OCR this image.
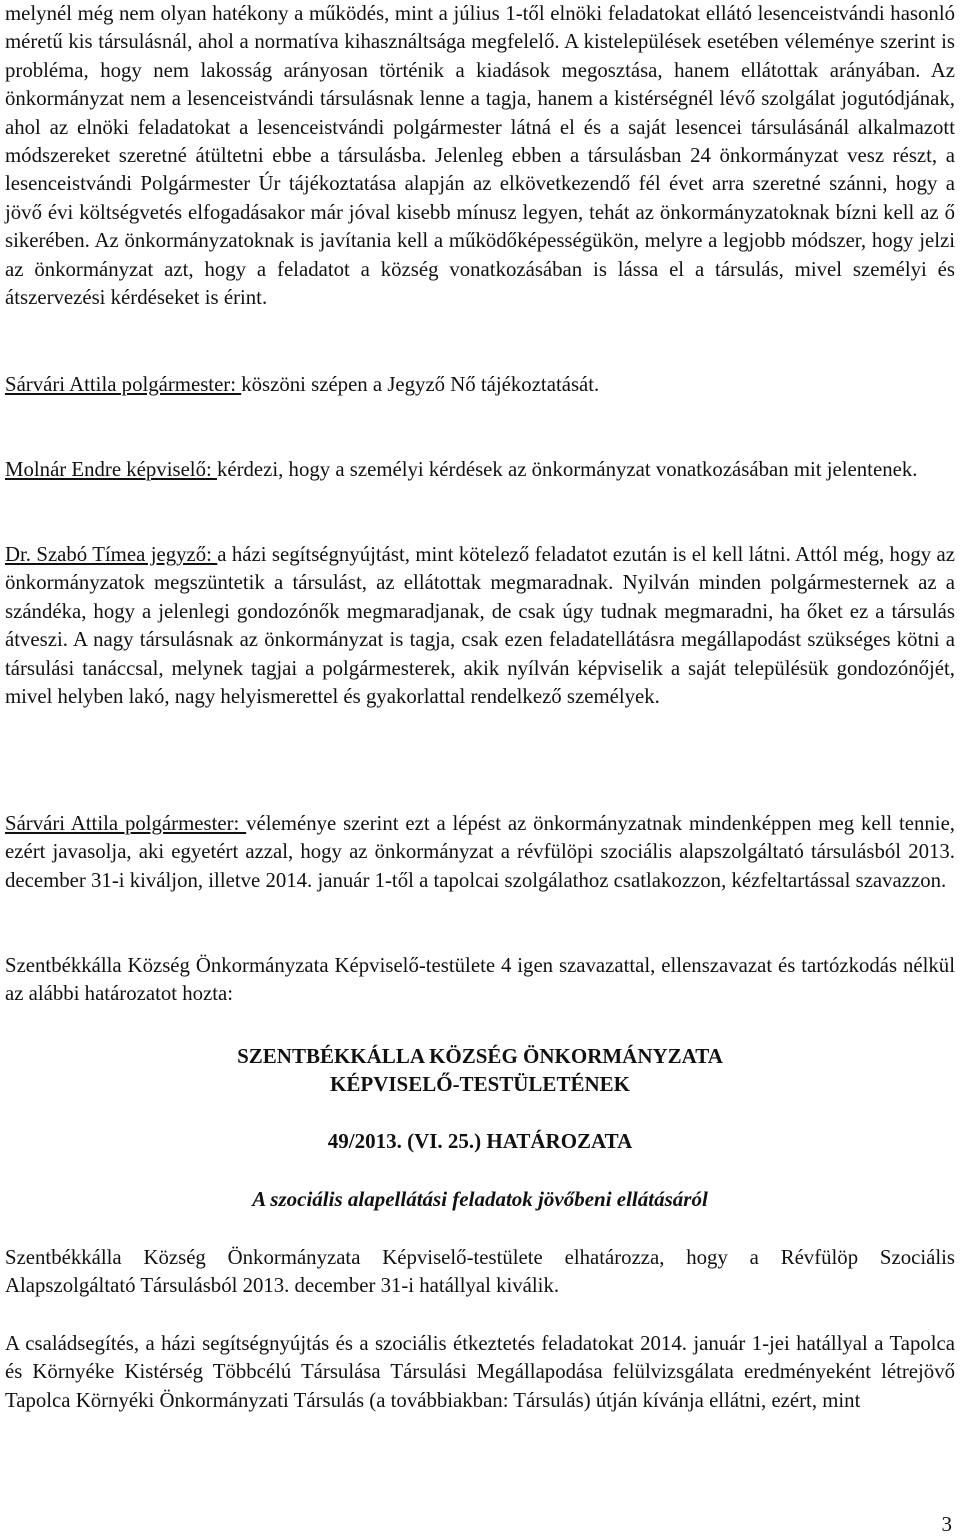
melynél még nem olyan hatékony a működés, mint a július 1-től elnöki feladatokat ellátó lesenceistvándi hasonló méretű kis társulásnál, ahol a normatíva kihasználtsága megfelelő. A kistelepülések esetében véleménye szerint is probléma, hogy nem lakosság arányosan történik a kiadások megosztása, hanem ellátottak arányában. Az önkormányzat nem a lesenceistvándi társulásnak lenne a tagja, hanem a kistérségnél lévő szolgálat jogutódjának, ahol az elnöki feladatokat a lesenceistvándi polgármester látná el és a saját lesencei társulásánál alkalmazott módszereket szeretné átültetni ebbe a társulásba. Jelenleg ebben a társulásban 24 önkormányzat vesz részt, a lesenceistvándi Polgármester Úr tájékoztatása alapján az elkövetkezendő fél évet arra szeretné szánni, hogy a jövő évi költségvetés elfogadásakor már jóval kisebb mínusz legyen, tehát az önkormányzatoknak bízni kell az ő sikerében. Az önkormányzatoknak is javítania kell a működőképességükön, melyre a legjobb módszer, hogy jelzi az önkormányzat azt, hogy a feladatot a község vonatkozásában is lássa el a társulás, mivel személyi és átszervezési kérdéseket is érint.

Sárvári Attila polgármester: köszöni szépen a Jegyző Nő tájékoztatását.

Molnár Endre képviselő: kérdezi, hogy a személyi kérdések az önkormányzat vonatkozásában mit jelentenek.

Dr. Szabó Tímea jegyző: a házi segítségnyújtást, mint kötelező feladatot ezután is el kell látni. Attól még, hogy az önkormányzatok megszüntetik a társulást, az ellátottak megmaradnak. Nyilván minden polgármesternek az a szándéka, hogy a jelenlegi gondozónők megmaradjanak, de csak úgy tudnak megmaradni, ha őket ez a társulás átveszi. A nagy társulásnak az önkormányzat is tagja, csak ezen feladatellátásra megállapodást szükséges kötni a társulási tanáccsal, melynek tagjai a polgármesterek, akik nyílván képviselik a saját településük gondozónőjét, mivel helyben lakó, nagy helyismerettel és gyakorlattal rendelkező személyek.

Sárvári Attila polgármester: véleménye szerint ezt a lépést az önkormányzatnak mindenképpen meg kell tennie, ezért javasolja, aki egyetért azzal, hogy az önkormányzat a révfülöpi szociális alapszolgáltató társulásból 2013. december 31-i kiváljon, illetve 2014. január 1-től a tapolcai szolgálathoz csatlakozzon, kézfeltartással szavazzon.

Szentbékkálla Község Önkormányzata Képviselő-testülete 4 igen szavazattal, ellenszavazat és tartózkodás nélkül az alábbi határozatot hozta:

SZENTBÉKKÁLLA KÖZSÉG ÖNKORMÁNYZATA

KÉPVISELŐ-TESTÜLETÉNEK

49/2013. (VI. 25.) HATÁROZATA

A szociális alapellátási feladatok jövőbeni ellátásáról

Szentbékkálla Község Önkormányzata Képviselő-testülete elhatározza, hogy a Révfülöp Szociális Alapszolgáltató Társulásból 2013. december 31-i hatállyal kiválik.

A családsegítés, a házi segítségnyújtás és a szociális étkeztetés feladatokat 2014. január 1-jei hatállyal a Tapolca és Környéke Kistérség Többcélú Társulása Társulási Megállapodása felülvizsgálata eredményeként létrejövő Tapolca Környéki Önkormányzati Társulás (a továbbiakban: Társulás) útján kívánja ellátni, ezért, mint

3
